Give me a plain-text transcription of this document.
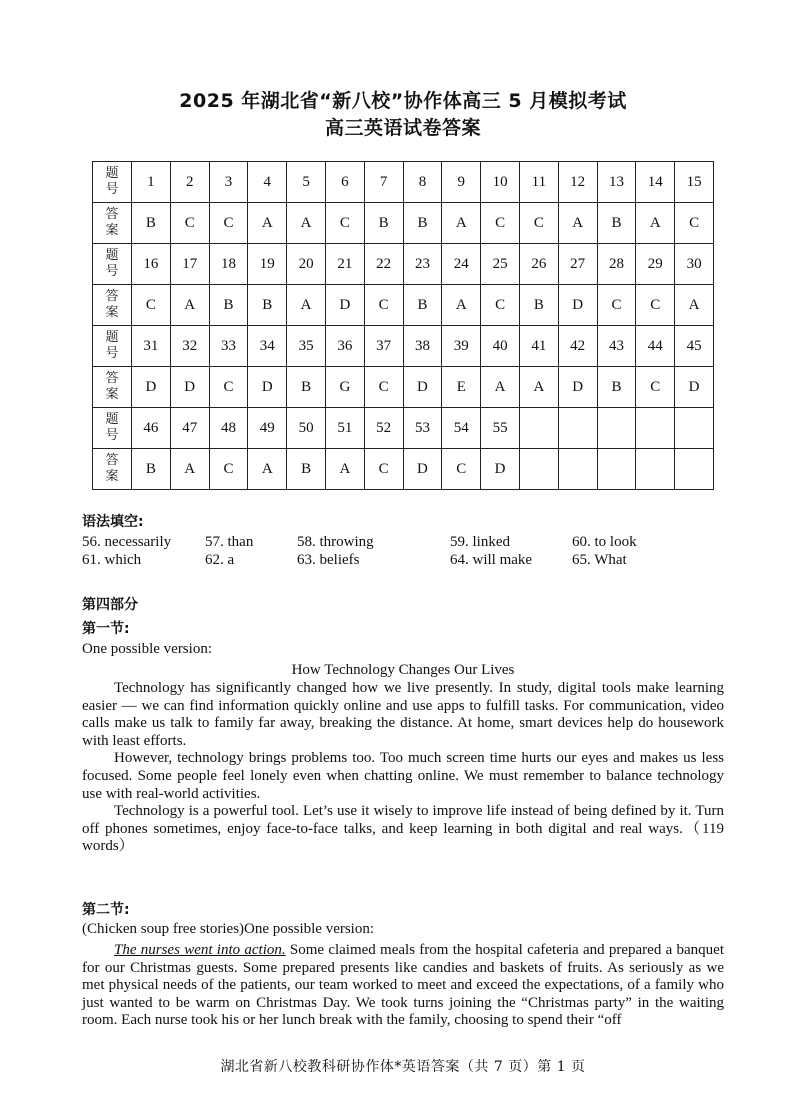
2025 年湖北省“新八校”协作体高三 5 月模拟考试
高三英语试卷答案
题
号	1	2	3	4	5	6	7	8	9	10	11	12	13	14	15

答
案	B	C	C	A	A	C	B	B	A	C	C	A	B	A	C

题
号	16	17	18	19	20	21	22	23	24	25	26	27	28	29	30

答
案	C	A	B	B	A	D	C	B	A	C	B	D	C	C	A

题
号	31	32	33	34	35	36	37	38	39	40	41	42	43	44	45

答
案	D	D	C	D	B	G	C	D	E	A	A	D	B	C	D

题
号	46	47	48	49	50	51	52	53	54	55					

答
案	B	A	C	A	B	A	C	D	C	D					
语法填空:
56. necessarily 57. than	58. throwing	59. linked	60. to look
61. which	62. a	63. beliefs	64. will make	65. What
第四部分
第一节:
One possible version:
How Technology Changes Our Lives

Technology has significantly changed how we live presently. In study, digital tools make learning easier — we can find information quickly online and use apps to fulfill tasks. For communication, video calls make us talk to family far away, breaking the distance. At home, smart devices help do housework with least efforts.

However, technology brings problems too. Too much screen time hurts our eyes and makes us less focused. Some people feel lonely even when chatting online. We must remember to balance technology use with real-world activities.

Technology is a powerful tool. Let’s use it wisely to improve life instead of being defined by it. Turn off phones sometimes, enjoy face-to-face talks, and keep learning in both digital and real ways.（119 words）

第二节:
(Chicken soup free stories)One possible version:

The nurses went into action. Some claimed meals from the hospital cafeteria and prepared a banquet for our Christmas guests. Some prepared presents like candies and baskets of fruits. As seriously as we met physical needs of the patients, our team worked to meet and exceed the expectations, of a family who just wanted to be warm on Christmas Day. We took turns joining the “Christmas party” in the waiting room. Each nurse took his or her lunch break with the family, choosing to spend their “off

湖北省新八校教科研协作体*英语答案（共 7 页）第 1 页
